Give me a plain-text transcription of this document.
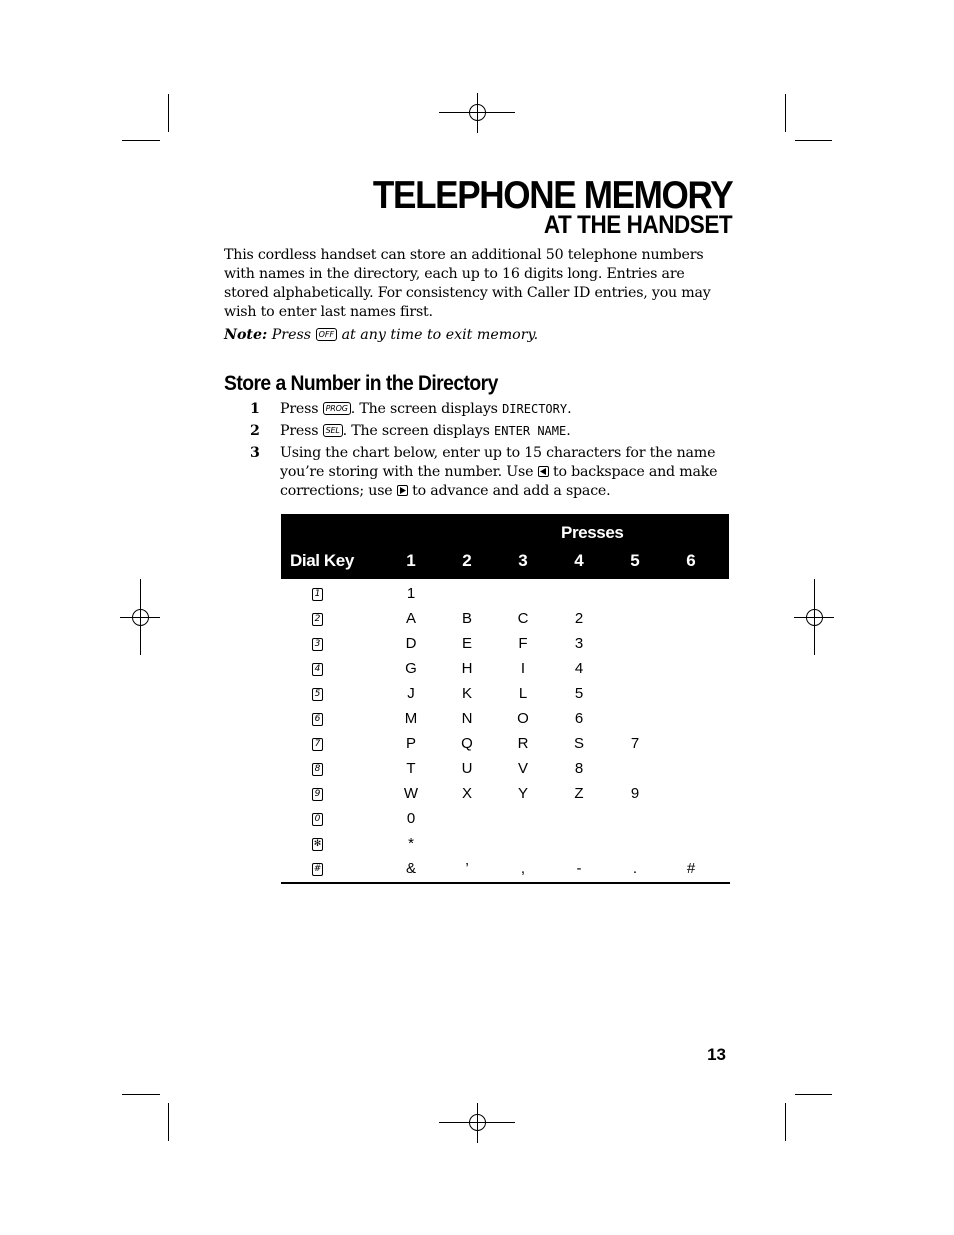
TELEPHONE MEMORY
AT THE HANDSET
This cordless handset can store an additional 50 telephone numbers with names in the directory, each up to 16 digits long. Entries are stored alphabetically. For consistency with Caller ID entries, you may wish to enter last names first.
Note: Press OFF at any time to exit memory.
Store a Number in the Directory
1	Press PROG . The screen displays DIRECTORY.
2	Press SEL . The screen displays ENTER NAME.
3	Using the chart below, enter up to 15 characters for the name you’re storing with the number. Use to backspace and make corrections; use to advance and add a space.
Presses
Dial Key	1	2	3	4	5	6
1	1
2	A	B	C	2
3	D	E	F	3
4	G	H	I	4
5	J	K	L	5
6	M	N	O	6
7	P	Q	R	S	7
8	T	U	V	8
9	W	X	Y	Z	9
0	0
✻	*
#	&	’	,	-	.	#
13
